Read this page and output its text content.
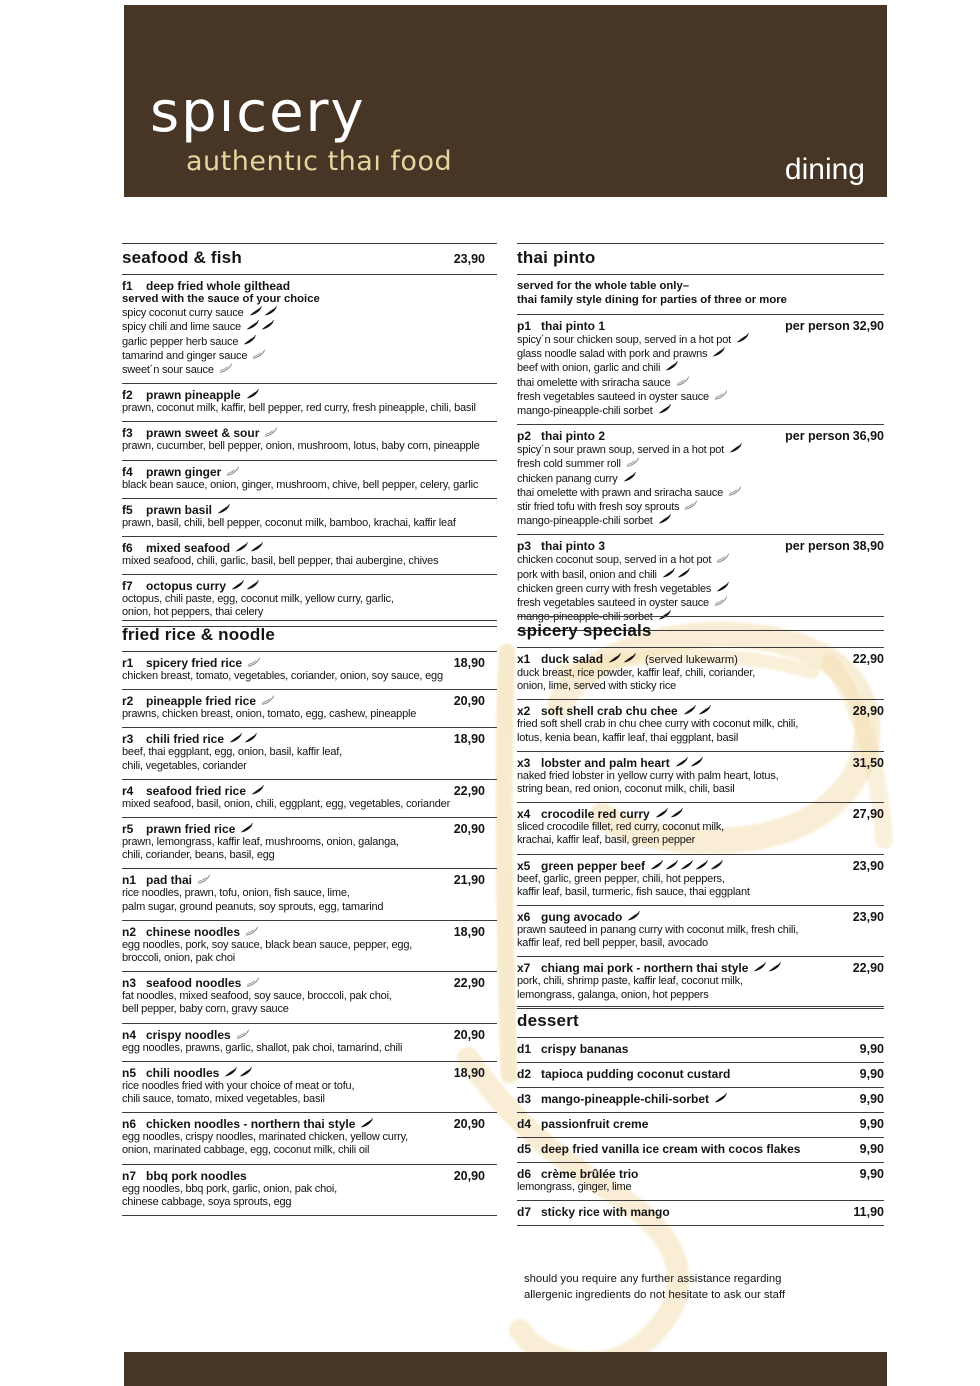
spıcery
authentıc thaı food	dining
should you require any further assistance regarding
allergenic ingredients do not hesitate to ask our staff
seafood & fish	23,90
f1	deep fried whole gilthead
served with the sauce of your choice
spicy coconut curry sauce
spicy chili and lime sauce
garlic pepper herb sauce
tamarind and ginger sauce
sweet´n sour sauce
f2	prawn pineapple
prawn, coconut milk, kaffir, bell pepper, red curry, fresh pineapple, chili, basil
f3	prawn sweet & sour
prawn, cucumber, bell pepper, onion, mushroom, lotus, baby corn, pineapple
f4	prawn ginger
black bean sauce, onion, ginger, mushroom, chive, bell pepper, celery, garlic
f5	prawn basil
prawn, basil, chili, bell pepper, coconut milk, bamboo, krachai, kaffir leaf
f6	mixed seafood
mixed seafood, chili, garlic, basil, bell pepper, thai aubergine, chives
f7	octopus curry
octopus, chili paste, egg, coconut milk, yellow curry, garlic,
onion, hot peppers, thai celery
fried rice & noodle
r1	spicery fried rice	18,90
chicken breast, tomato, vegetables, coriander, onion, soy sauce, egg
r2	pineapple fried rice	20,90
prawns, chicken breast, onion, tomato, egg, cashew, pineapple
r3	chili fried rice	18,90
beef, thai eggplant, egg, onion, basil, kaffir leaf,
chili, vegetables, coriander
r4	seafood fried rice	22,90
mixed seafood, basil, onion, chili, eggplant, egg, vegetables, coriander
r5	prawn fried rice	20,90
prawn, lemongrass, kaffir leaf, mushrooms, onion, galanga,
chili, coriander, beans, basil, egg
n1 pad thai	21,90
rice noodles, prawn, tofu, onion, fish sauce, lime,
palm sugar, ground peanuts, soy sprouts, egg, tamarind
n2 chinese noodles	18,90
egg noodles, pork, soy sauce, black bean sauce, pepper, egg,
broccoli, onion, pak choi
n3 seafood noodles	22,90
fat noodles, mixed seafood, soy sauce, broccoli, pak choi,
bell pepper, baby corn, gravy sauce
n4 crispy noodles	20,90
egg noodles, prawns, garlic, shallot, pak choi, tamarind, chili
n5 chili noodles	18,90
rice noodles fried with your choice of meat or tofu,
chili sauce, tomato, mixed vegetables, basil
n6 chicken noodles - northern thai style	20,90
egg noodles, crispy noodles, marinated chicken, yellow curry,
onion, marinated cabbage, egg, coconut milk, chili oil
n7 bbq pork noodles	20,90
egg noodles, bbq pork, garlic, onion, pak choi,
chinese cabbage, soya sprouts, egg
thai pinto
served for the whole table only–
thai family style dining for parties of three or more
p1 thai pinto 1	per person 32,90
spicy´n sour chicken soup, served in a hot pot
glass noodle salad with pork and prawns
beef with onion, garlic and chili
thai omelette with sriracha sauce
fresh vegetables sauteed in oyster sauce
mango-pineapple-chili sorbet
p2 thai pinto 2	per person 36,90
spicy´n sour prawn soup, served in a hot pot
fresh cold summer roll
chicken panang curry
thai omelette with prawn and sriracha sauce
stir fried tofu with fresh soy sprouts
mango-pineapple-chili sorbet
p3 thai pinto 3	per person 38,90
chicken coconut soup, served in a hot pot
pork with basil, onion and chili
chicken green curry with fresh vegetables
fresh vegetables sauteed in oyster sauce
mango-pineapple-chili sorbet
spicery specials
x1 duck salad	(served lukewarm)	22,90
duck breast, rice powder, kaffir leaf, chili, coriander,
onion, lime, served with sticky rice
x2 soft shell crab chu chee	28,90
fried soft shell crab in chu chee curry with coconut milk, chili,
lotus, kenia bean, kaffir leaf, thai eggplant, basil
x3 lobster and palm heart	31,50
naked fried lobster in yellow curry with palm heart, lotus,
string bean, red onion, coconut milk, chili, basil
x4 crocodile red curry	27,90
sliced crocodile fillet, red curry, coconut milk,
krachai, kaffir leaf, basil, green pepper
x5 green pepper beef	23,90
beef, garlic, green pepper, chili, hot peppers,
kaffir leaf, basil, turmeric, fish sauce, thai eggplant
x6 gung avocado	23,90
prawn sauteed in panang curry with coconut milk, fresh chili,
kaffir leaf, red bell pepper, basil, avocado
x7 chiang mai pork - northern thai style	22,90
pork, chili, shrimp paste, kaffir leaf, coconut milk,
lemongrass, galanga, onion, hot peppers
dessert
d1 crispy bananas	9,90
d2 tapioca pudding coconut custard	9,90
d3 mango-pineapple-chili-sorbet	9,90
d4 passionfruit creme	9,90
d5 deep fried vanilla ice cream with cocos flakes	9,90
d6 crème brûlée trio	9,90
lemongrass, ginger, lime
d7 sticky rice with mango	11,90
